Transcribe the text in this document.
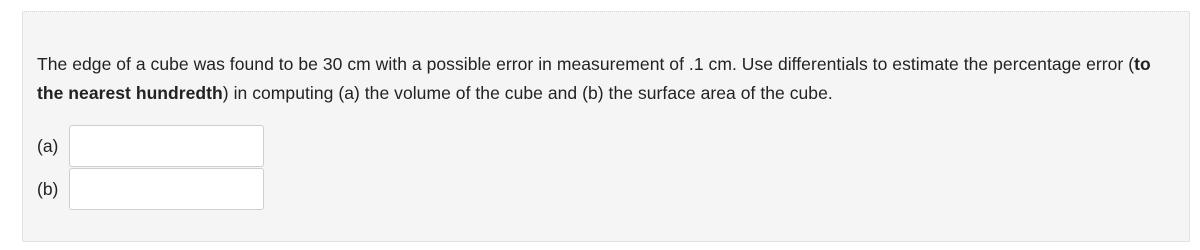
The edge of a cube was found to be 30 cm with a possible error in measurement of .1 cm. Use differentials to estimate the percentage error (to the nearest hundredth) in computing (a) the volume of the cube and (b) the surface area of the cube.

(a)
(b)
